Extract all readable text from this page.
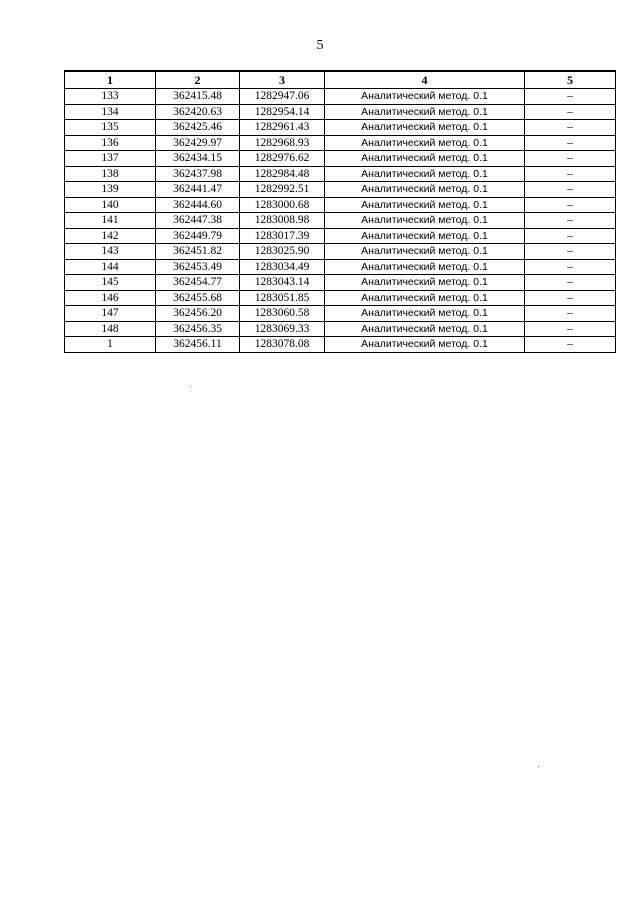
5
1	2	3	4	5
133	362415.48	1282947.06	Аналитический метод. 0.1	–
134	362420.63	1282954.14	Аналитический метод. 0.1	–
135	362425.46	1282961.43	Аналитический метод. 0.1	–
136	362429.97	1282968.93	Аналитический метод. 0.1	–
137	362434.15	1282976.62	Аналитический метод. 0.1	–
138	362437.98	1282984.48	Аналитический метод. 0.1	–
139	362441.47	1282992.51	Аналитический метод. 0.1	–
140	362444.60	1283000.68	Аналитический метод. 0.1	–
141	362447.38	1283008.98	Аналитический метод. 0.1	–
142	362449.79	1283017.39	Аналитический метод. 0.1	–
143	362451.82	1283025.90	Аналитический метод. 0.1	–
144	362453.49	1283034.49	Аналитический метод. 0.1	–
145	362454.77	1283043.14	Аналитический метод. 0.1	–
146	362455.68	1283051.85	Аналитический метод. 0.1	–
147	362456.20	1283060.58	Аналитический метод. 0.1	–
148	362456.35	1283069.33	Аналитический метод. 0.1	–
1	362456.11	1283078.08	Аналитический метод. 0.1	–
